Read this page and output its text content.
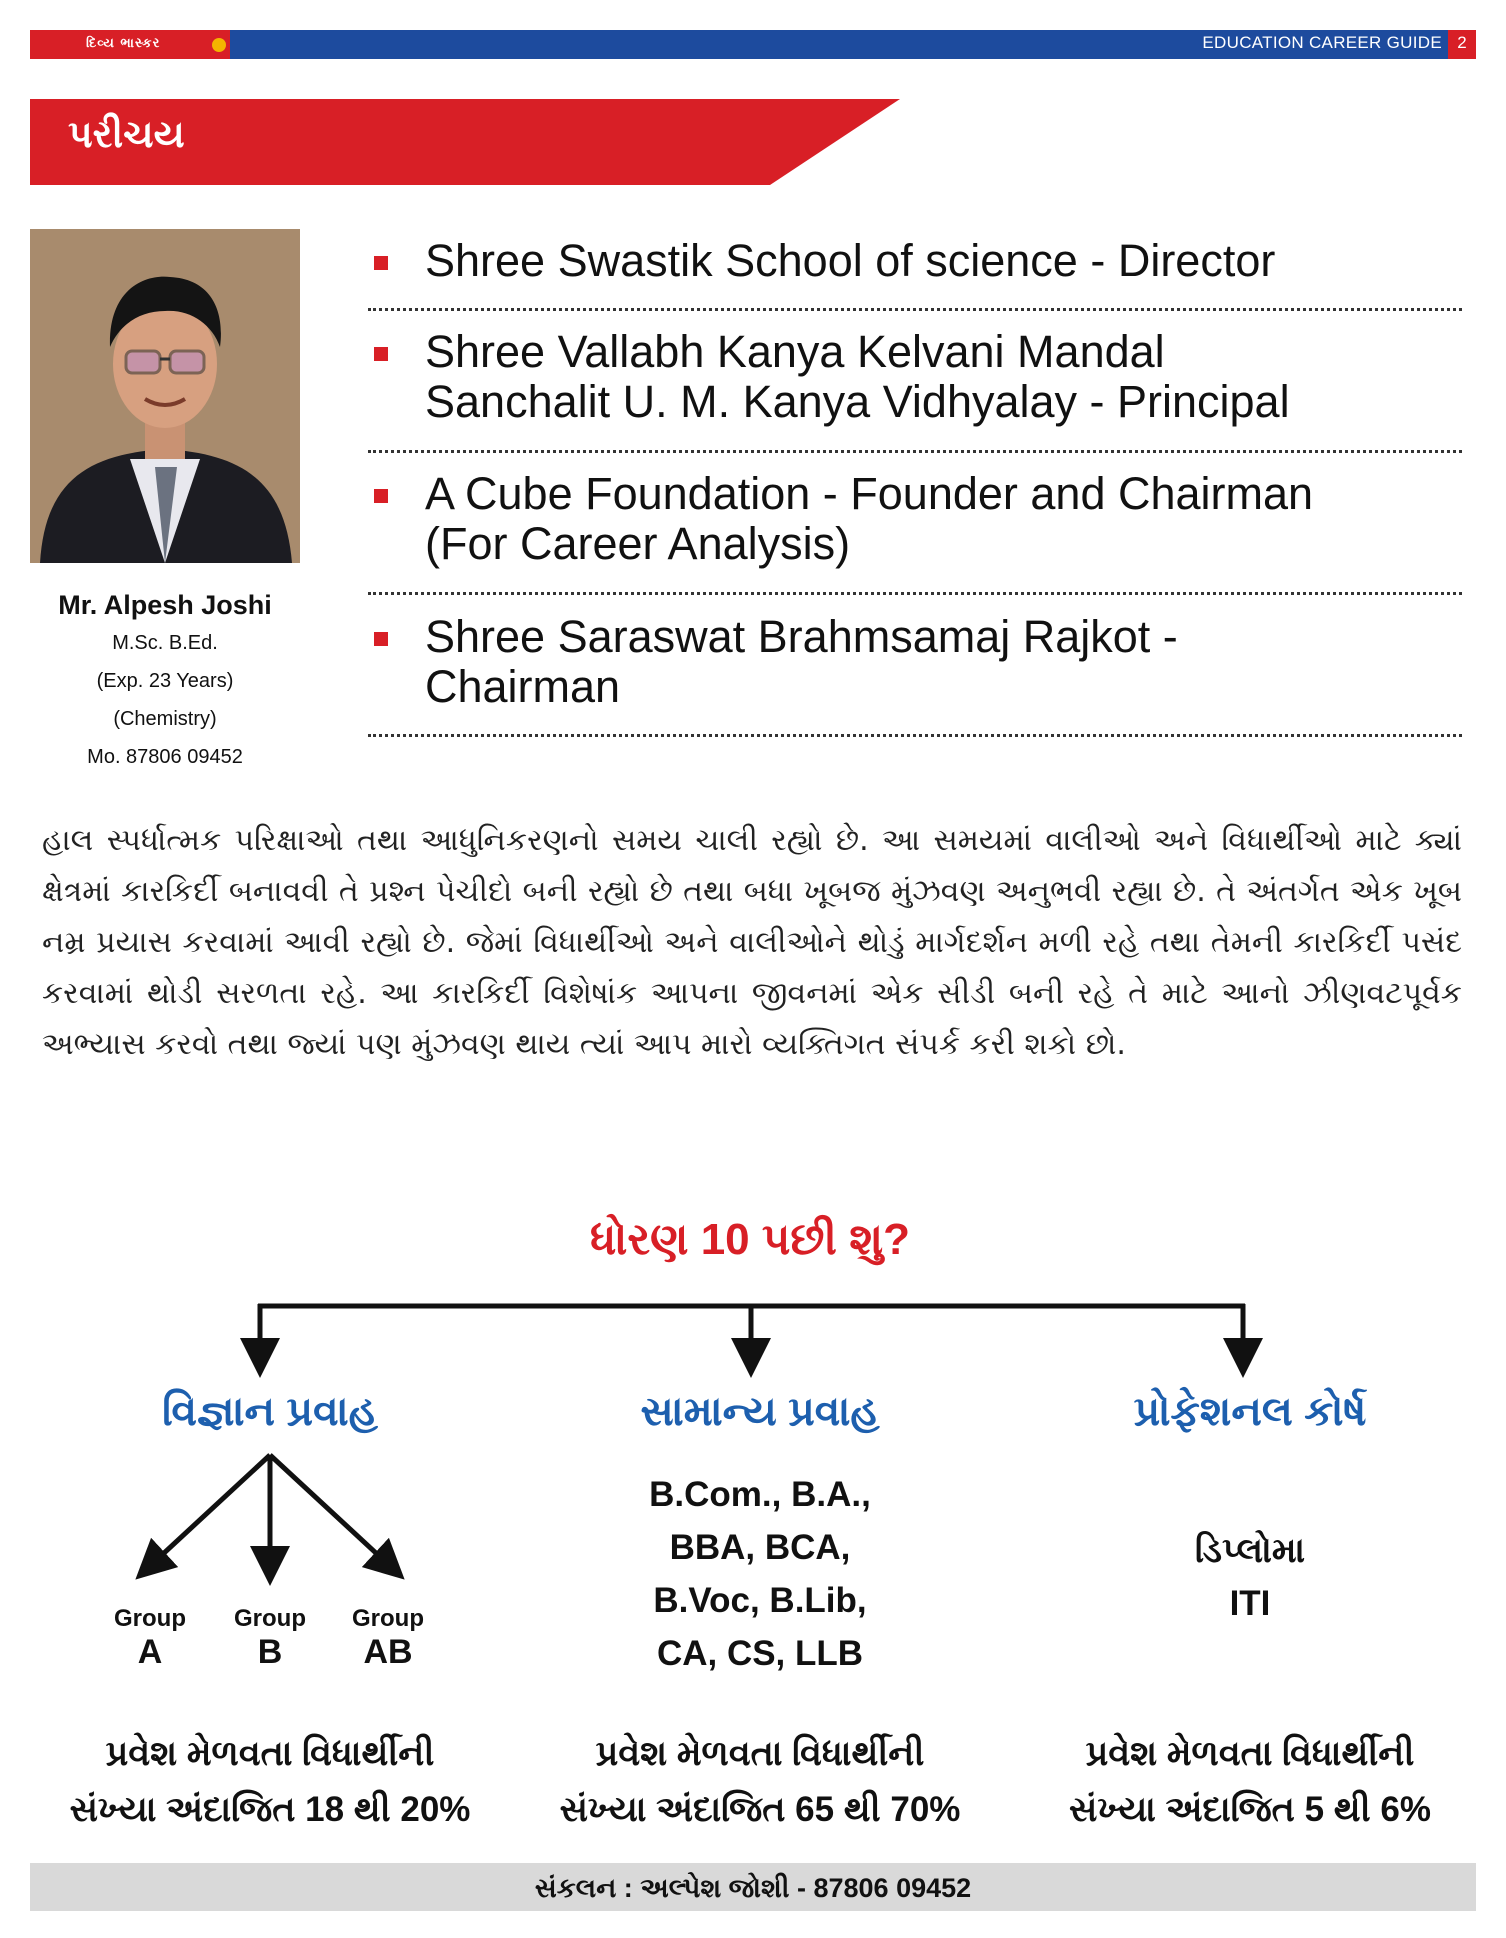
દિવ્ય ભાસ્કર	EDUCATION CAREER GUIDE 2
પરીચય
Mr. Alpesh Joshi
M.Sc. B.Ed.
(Exp. 23 Years)
(Chemistry)
Mo. 87806 09452
Shree Swastik School of science - Director
Shree Vallabh Kanya Kelvani Mandal
Sanchalit U. M. Kanya Vidhyalay - Principal
A Cube Foundation - Founder and Chairman
(For Career Analysis)
Shree Saraswat Brahmsamaj Rajkot -
Chairman
હાલ સ્પર્ધાત્મક પરિક્ષાઓ તથા આધુનિકરણનો સમય ચાલી રહ્યો છે. આ સમયમાં વાલીઓ અને વિધાર્થીઓ માટે ક્યાં ક્ષેત્રમાં કારકિર્દી બનાવવી તે પ્રશ્ન પેચીદો બની રહ્યો છે તથા બધા ખૂબજ મુંઝવણ અનુભવી રહ્યા છે. તે અંતર્ગત એક ખૂબ નમ્ર પ્રયાસ કરવામાં આવી રહ્યો છે. જેમાં વિધાર્થીઓ અને વાલીઓને થોડું માર્ગદર્શન મળી રહે તથા તેમની કારકિર્દી પસંદ કરવામાં થોડી સરળતા રહે. આ કારકિર્દી વિશેષાંક આપના જીવનમાં એક સીડી બની રહે તે માટે આનો ઝીણવટપૂર્વક અભ્યાસ કરવો તથા જ્યાં પણ મુંઝવણ થાય ત્યાં આપ મારો વ્યક્તિગત સંપર્ક કરી શકો છો.
ધોરણ 10 પછી શુ?
વિજ્ઞાન પ્રવાહ
Group
A
Group
B
Group
AB
પ્રવેશ મેળવતા વિધાર્થીની
સંખ્યા અંદાજિત 18 થી 20%
સામાન્ય પ્રવાહ
B.Com., B.A.,
BBA, BCA,
B.Voc, B.Lib,
CA, CS, LLB
પ્રવેશ મેળવતા વિધાર્થીની
સંખ્યા અંદાજિત 65 થી 70%
પ્રોફેશનલ કોર્ષ
ડિપ્લોમા
ITI
પ્રવેશ મેળવતા વિધાર્થીની
સંખ્યા અંદાજિત 5 થી 6%
સંકલન : અલ્પેશ જોશી - 87806 09452
